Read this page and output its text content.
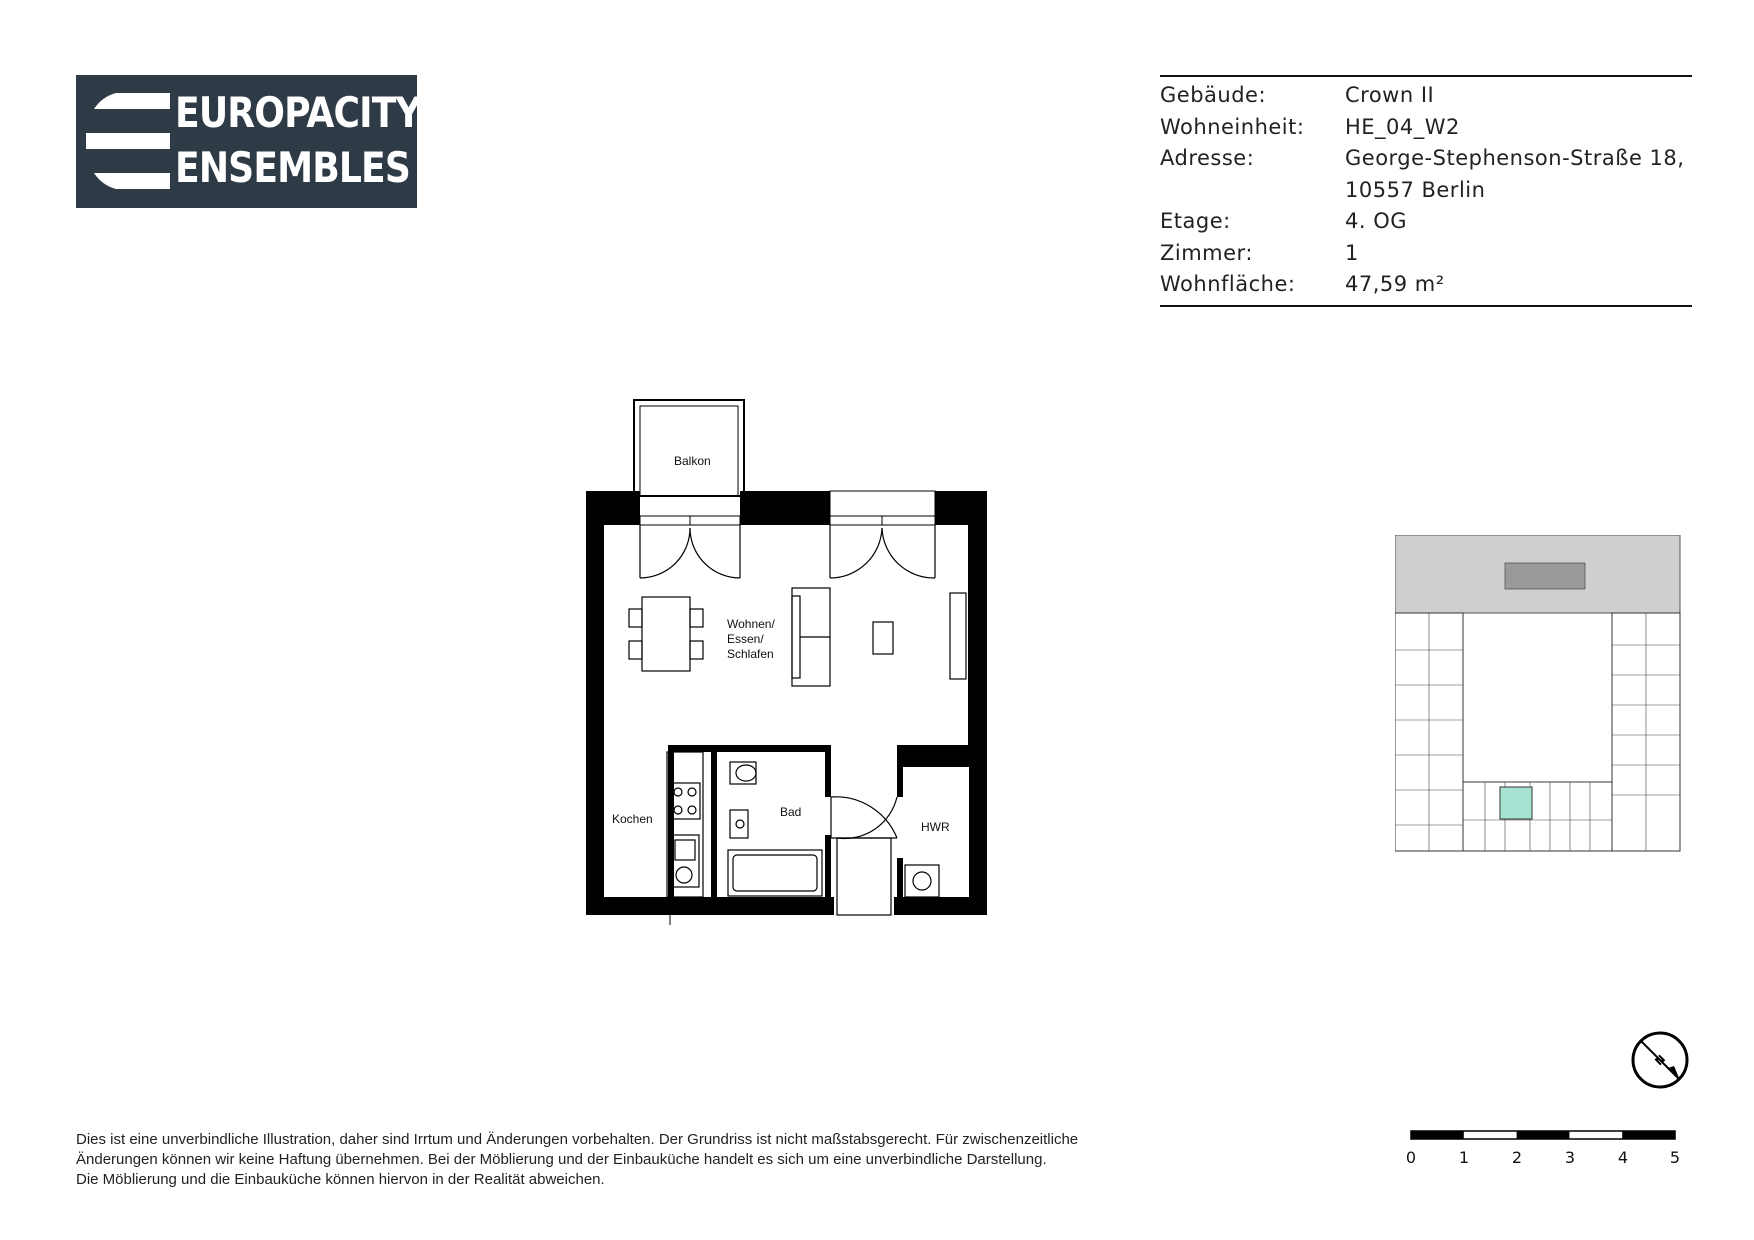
EUROPACITY
ENSEMBLES
Gebäude:	Crown II
Wohneinheit:	HE_04_W2
Adresse:	George-Stephenson-Straße 18,
	10557 Berlin
Etage:	4. OG
Zimmer:	1
Wohnfläche:	47,59 m²
Balkon
Wohnen/
Essen/
Schlafen
Kochen	Bad
HWR
N
0	1	2	3	4	5
Dies ist eine unverbindliche Illustration, daher sind Irrtum und Änderungen vorbehalten. Der Grundriss ist nicht maßstabsgerecht. Für zwischenzeitliche
Änderungen können wir keine Haftung übernehmen. Bei der Möblierung und der Einbauküche handelt es sich um eine unverbindliche Darstellung.
Die Möblierung und die Einbauküche können hiervon in der Realität abweichen.
